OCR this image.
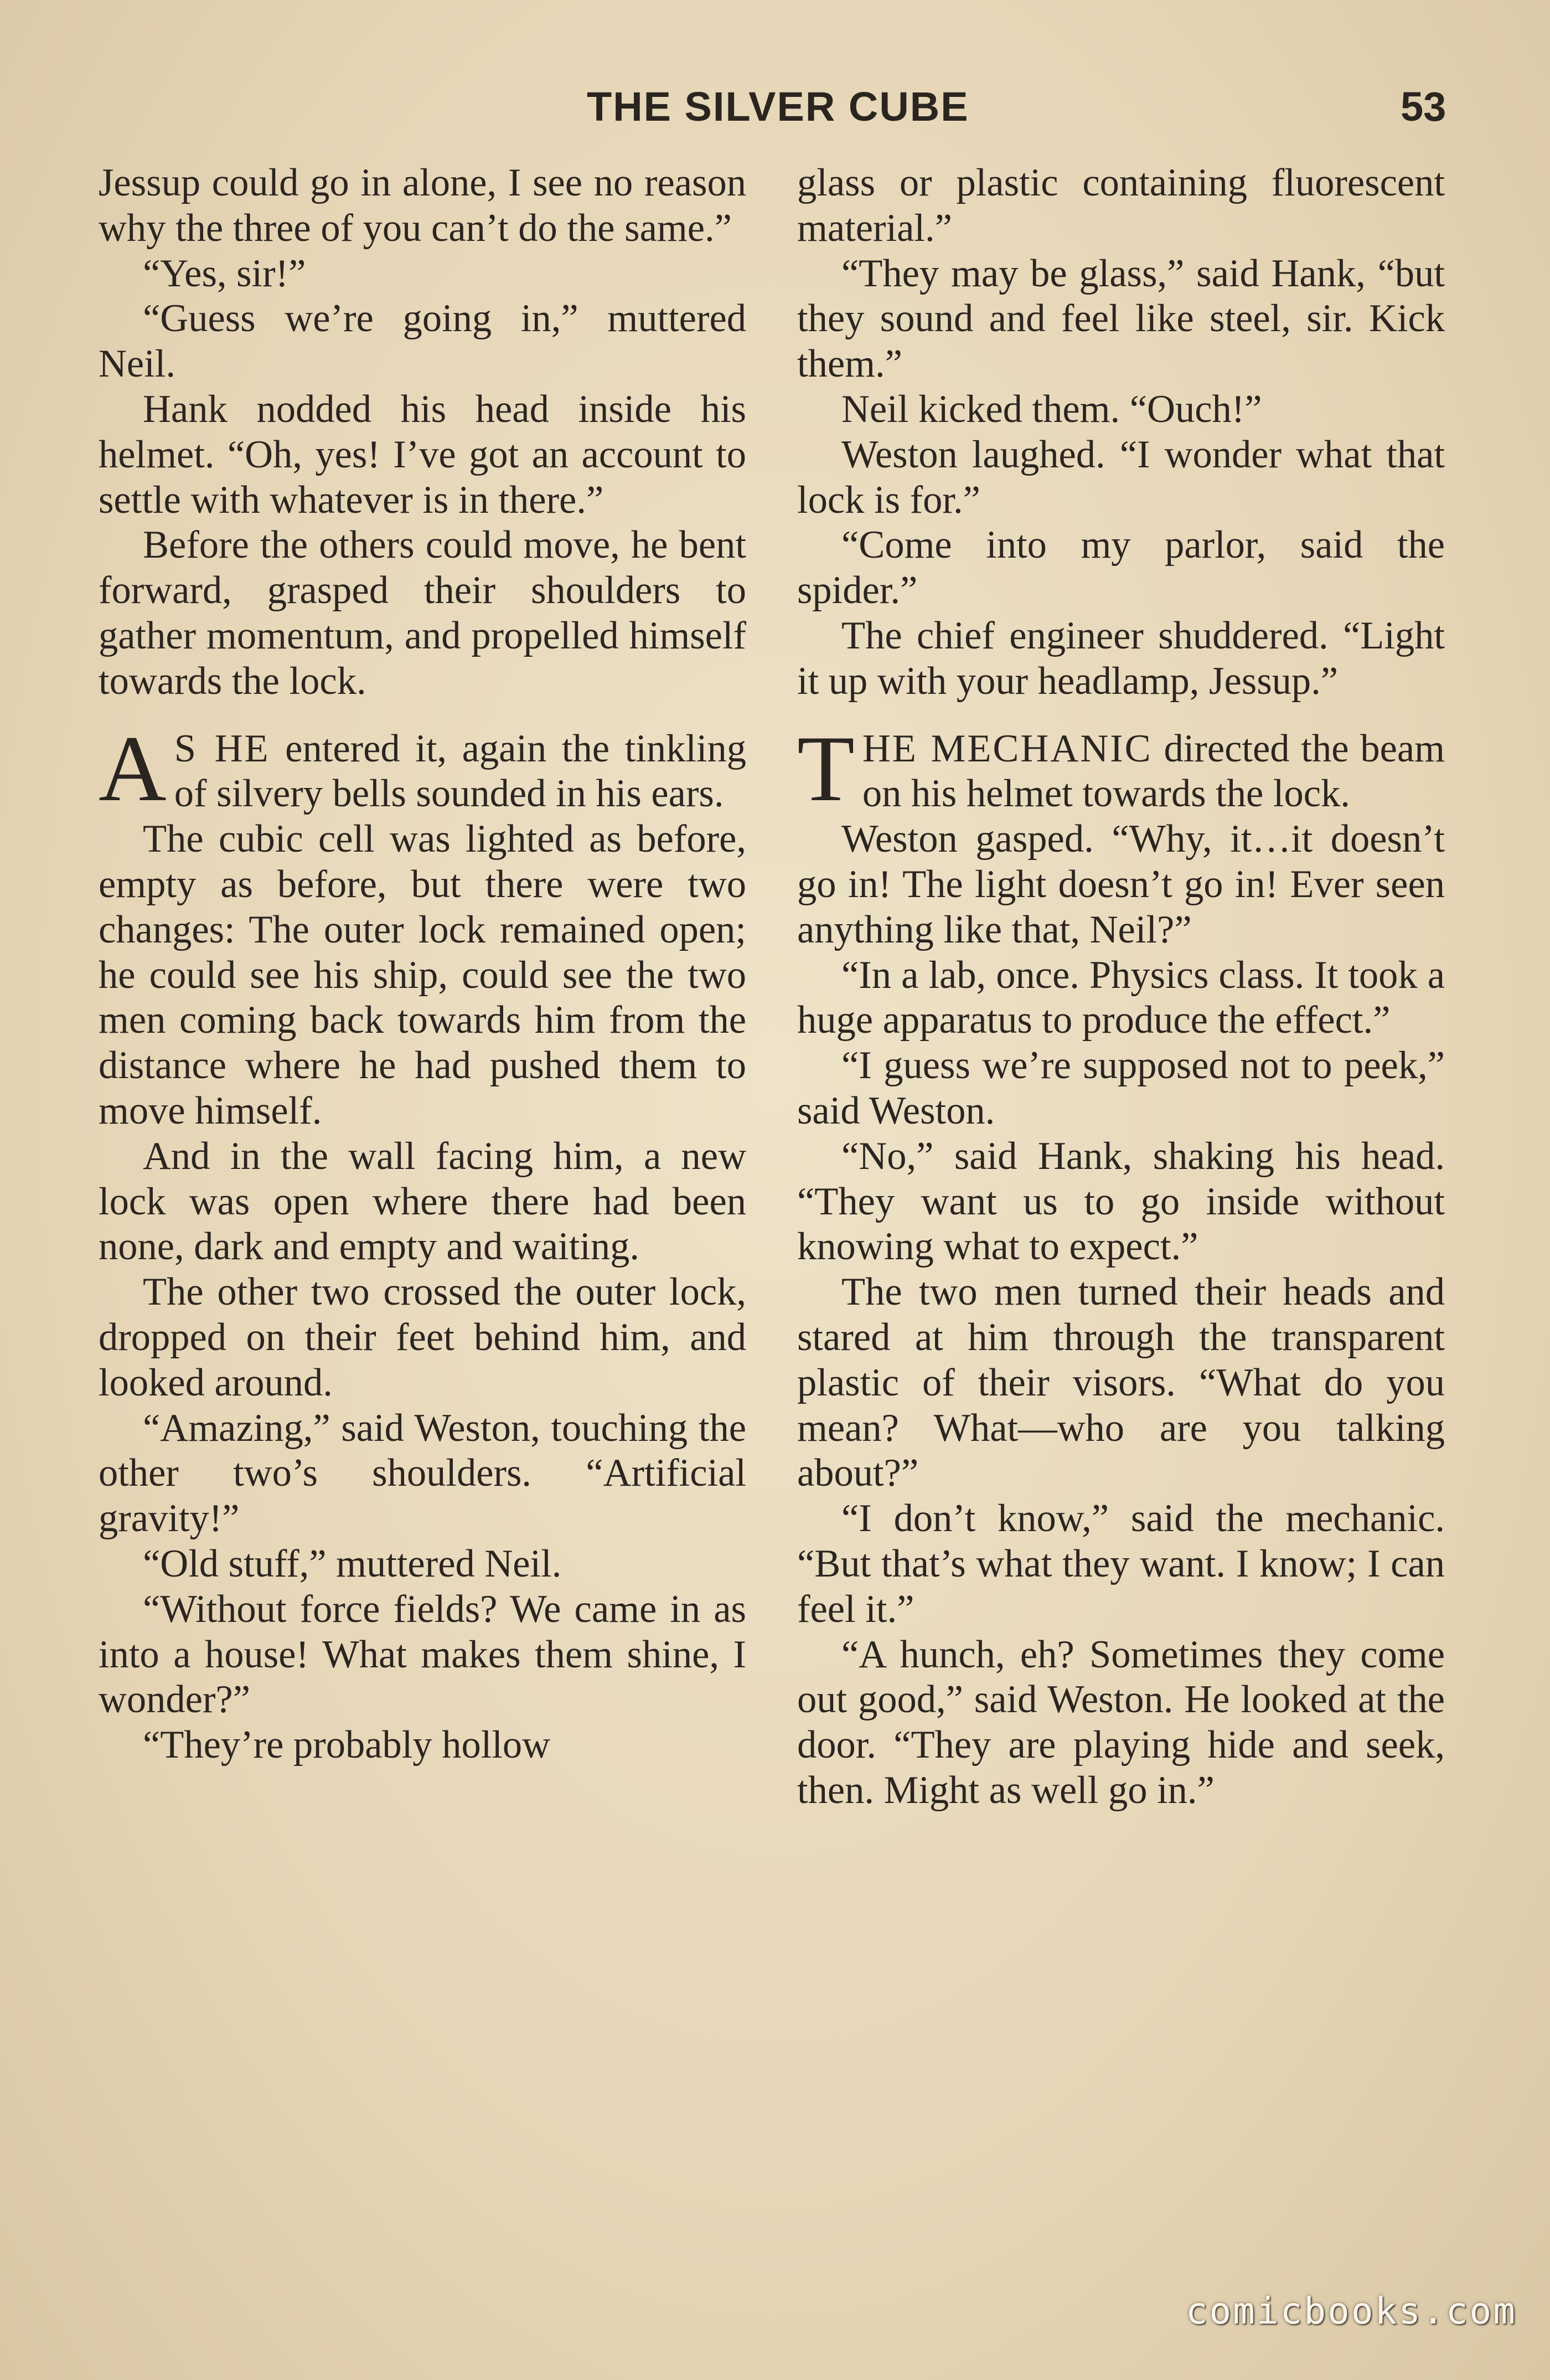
THE SILVER CUBE	53

Jessup could go in alone, I see no reason why the three of you can’t do the same.”

“Yes, sir!”

“Guess we’re going in,” muttered Neil.

Hank nodded his head inside his helmet. “Oh, yes! I’ve got an account to settle with whatever is in there.”

Before the others could move, he bent forward, grasped their shoulders to gather momentum, and propelled himself towards the lock.

A S HE entered it, again the tinkling of silvery bells sounded in his ears.

The cubic cell was lighted as before, empty as before, but there were two changes: The outer lock remained open; he could see his ship, could see the two men coming back towards him from the distance where he had pushed them to move himself.

And in the wall facing him, a new lock was open where there had been none, dark and empty and waiting.

The other two crossed the outer lock, dropped on their feet behind him, and looked around.

“Amazing,” said Weston, touching the other two’s shoulders. “Artificial gravity!”

“Old stuff,” muttered Neil.

“Without force fields? We came in as into a house! What makes them shine, I wonder?”

“They’re probably hollow

glass or plastic containing fluorescent material.”

“They may be glass,” said Hank, “but they sound and feel like steel, sir. Kick them.”

Neil kicked them. “Ouch!”

Weston laughed. “I wonder what that lock is for.”

“Come into my parlor, said the spider.”

The chief engineer shuddered. “Light it up with your headlamp, Jessup.”

THE MECHANIC directed the beam on his helmet towards the lock.

Weston gasped. “Why, it…it doesn’t go in! The light doesn’t go in! Ever seen anything like that, Neil?”

“In a lab, once. Physics class. It took a huge apparatus to produce the effect.”

“I guess we’re supposed not to peek,” said Weston.

“No,” said Hank, shaking his head. “They want us to go inside without knowing what to expect.”

The two men turned their heads and stared at him through the transparent plastic of their visors. “What do you mean? What—who are you talking about?”

“I don’t know,” said the mechanic. “But that’s what they want. I know; I can feel it.”

“A hunch, eh? Sometimes they come out good,” said Weston. He looked at the door. “They are playing hide and seek, then. Might as well go in.”

comicbooks.com
